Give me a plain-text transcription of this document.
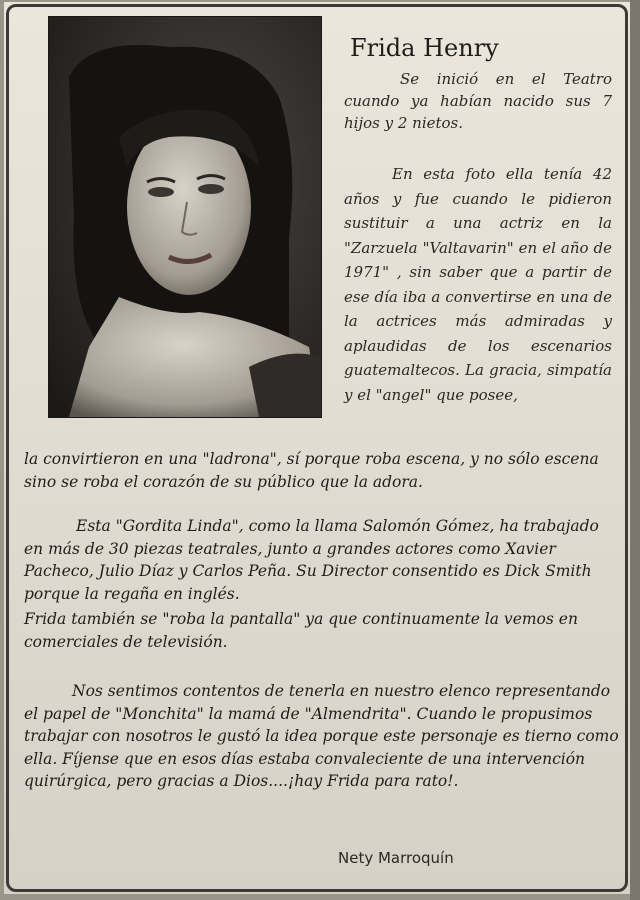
Frida Henry

Se inició en el Teatro cuando ya habían nacido sus 7 hijos y 2 nietos.

En esta foto ella tenía 42 años y fue cuando le pidieron sustituir a una actriz en la "Zarzuela "Valtavarin" en el año de 1971" , sin saber que a partir de ese día iba a convertirse en una de la actrices más admiradas y aplaudidas de los escenarios guatemaltecos. La gracia, simpatía y el "angel" que posee,

la convirtieron en una "ladrona", sí porque roba escena, y no sólo escena sino se roba el corazón de su público que la adora.

Esta "Gordita Linda", como la llama Salomón Gómez, ha trabajado en más de 30 piezas teatrales, junto a grandes actores como Xavier Pacheco, Julio Díaz y Carlos Peña. Su Director consentido es Dick Smith porque la regaña en inglés.

Frida también se "roba la pantalla" ya que continuamente la vemos en comerciales de televisión.

Nos sentimos contentos de tenerla en nuestro elenco representando el papel de "Monchita" la mamá de "Almendrita". Cuando le propusimos trabajar con nosotros le gustó la idea porque este personaje es tierno como ella. Fíjense que en esos días estaba convaleciente de una intervención quirúrgica, pero gracias a Dios....¡hay Frida para rato!.

Nety Marroquín
